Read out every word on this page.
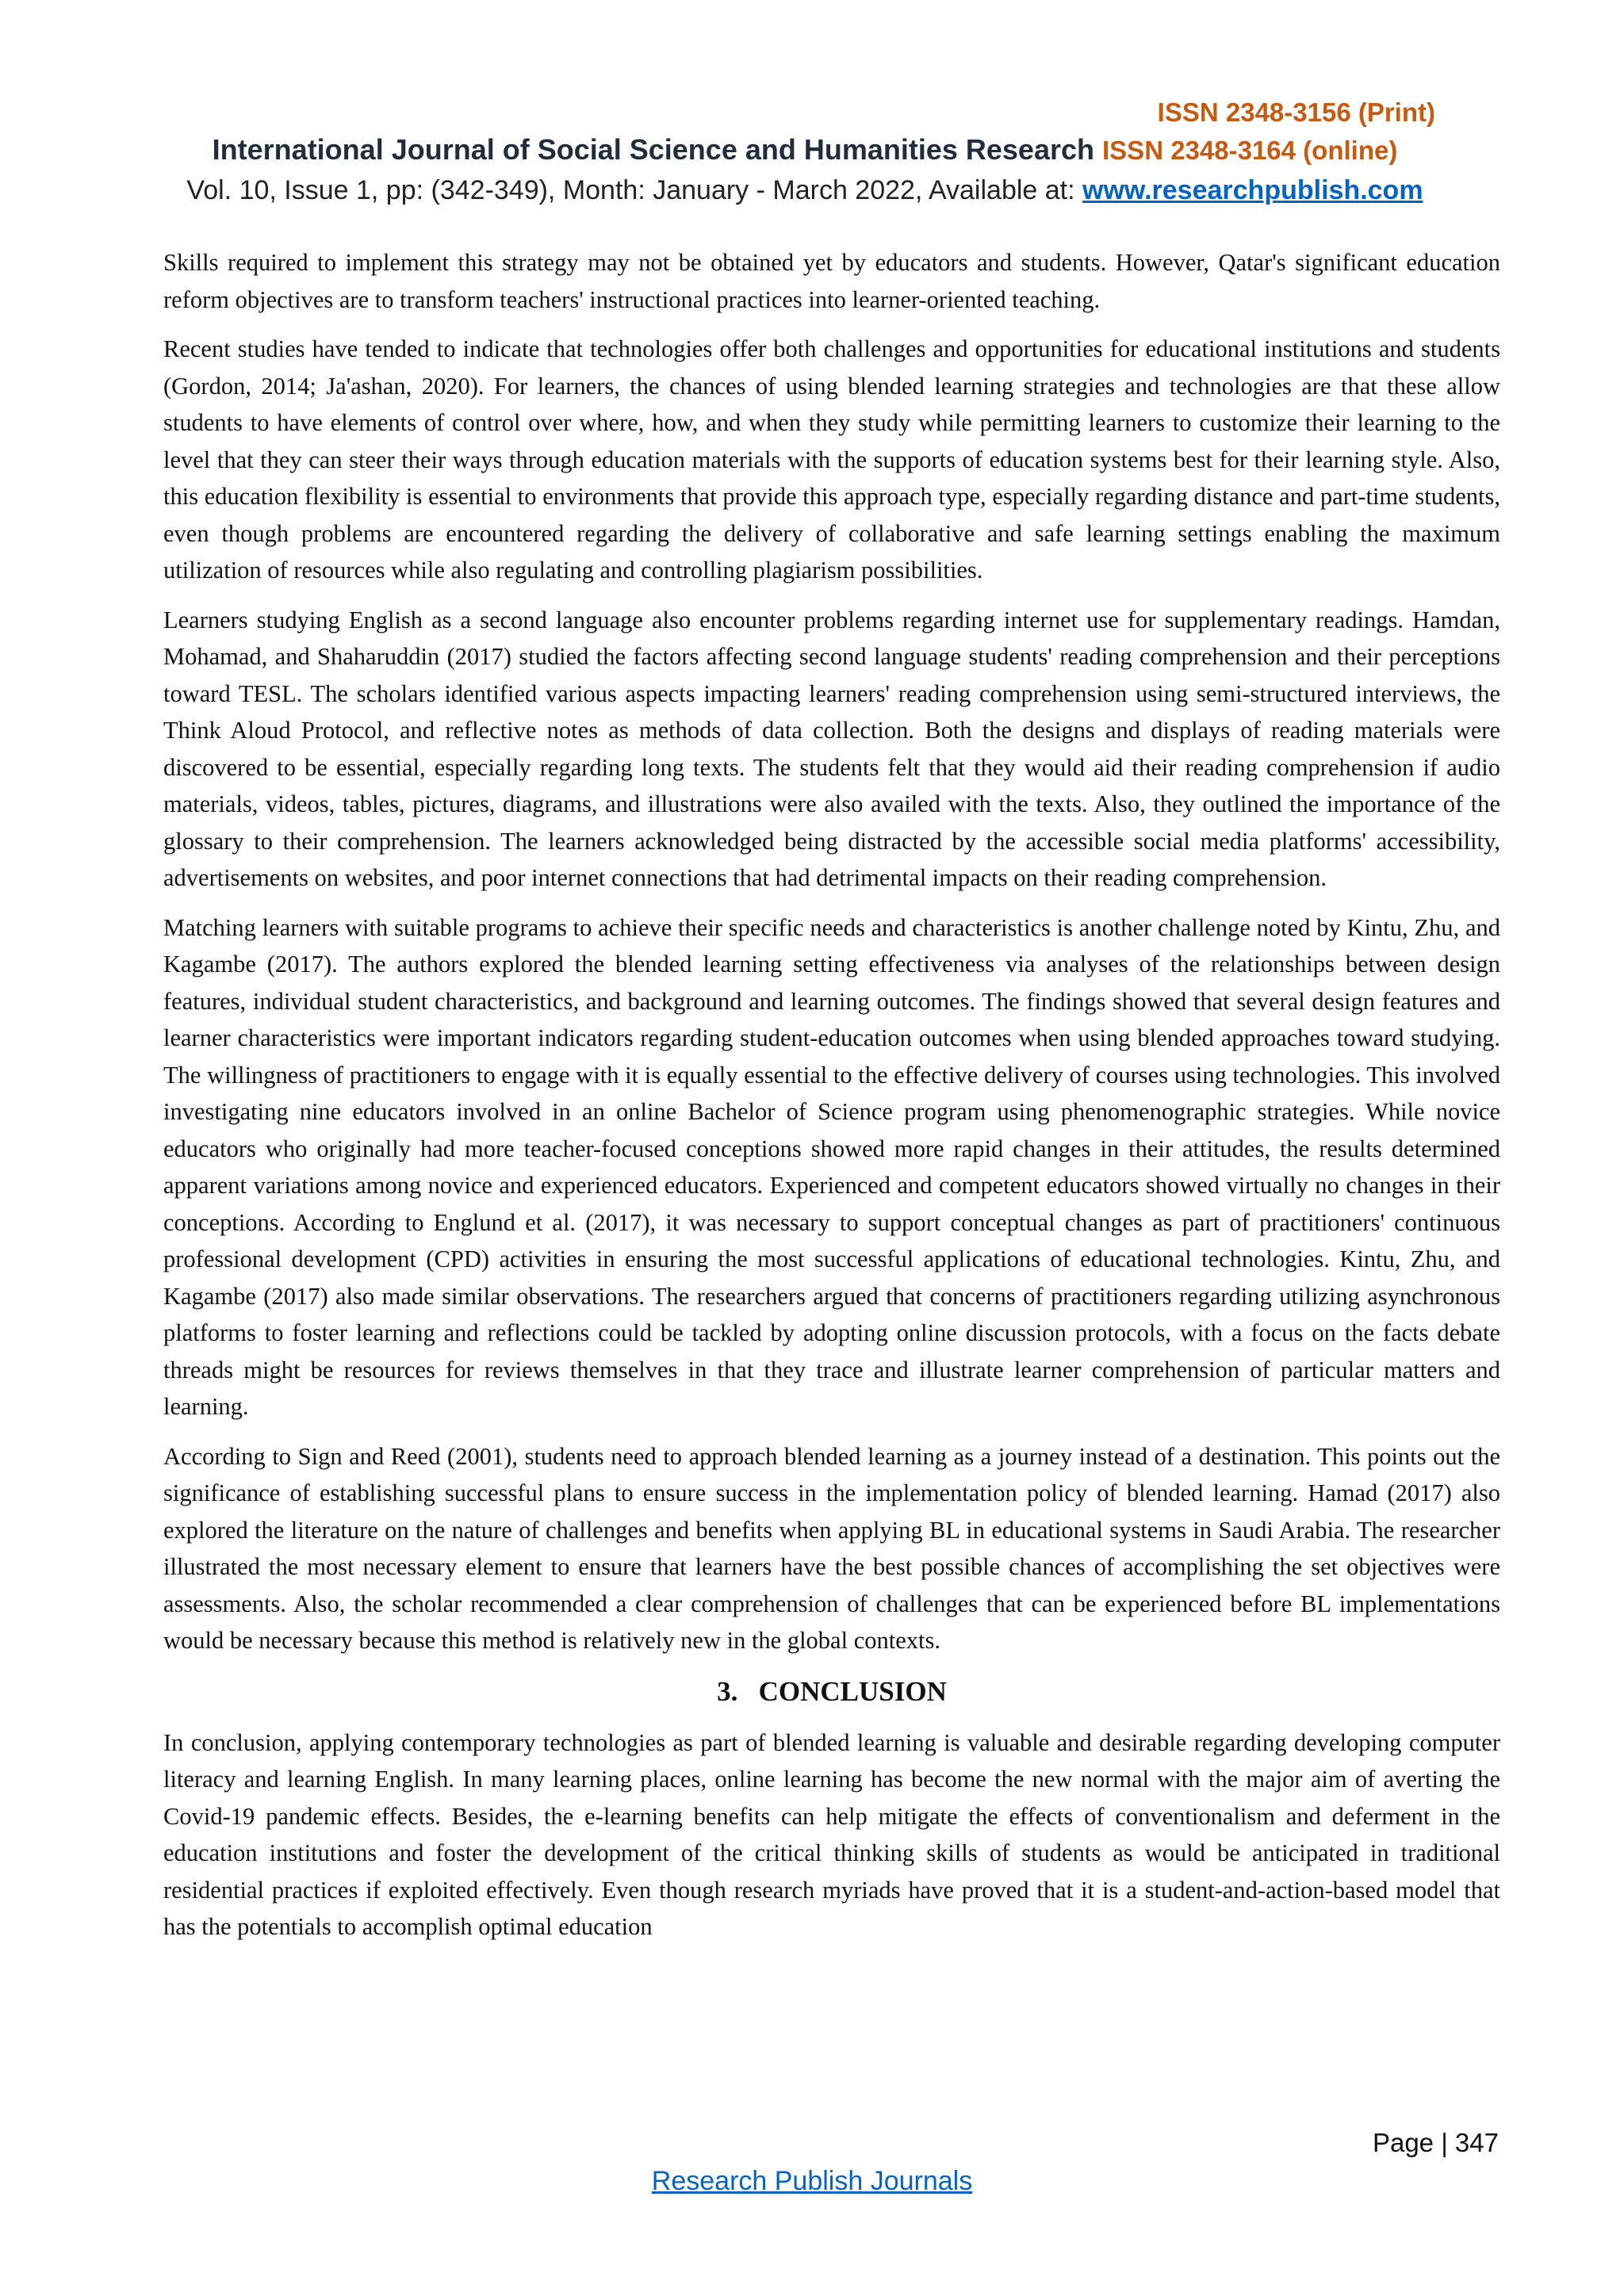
ISSN 2348-3156 (Print)
International Journal of Social Science and Humanities Research ISSN 2348-3164 (online)
Vol. 10, Issue 1, pp: (342-349), Month: January - March 2022, Available at: www.researchpublish.com

Skills required to implement this strategy may not be obtained yet by educators and students. However, Qatar's significant education reform objectives are to transform teachers' instructional practices into learner-oriented teaching.

Recent studies have tended to indicate that technologies offer both challenges and opportunities for educational institutions and students (Gordon, 2014; Ja'ashan, 2020). For learners, the chances of using blended learning strategies and technologies are that these allow students to have elements of control over where, how, and when they study while permitting learners to customize their learning to the level that they can steer their ways through education materials with the supports of education systems best for their learning style. Also, this education flexibility is essential to environments that provide this approach type, especially regarding distance and part-time students, even though problems are encountered regarding the delivery of collaborative and safe learning settings enabling the maximum utilization of resources while also regulating and controlling plagiarism possibilities.

Learners studying English as a second language also encounter problems regarding internet use for supplementary readings. Hamdan, Mohamad, and Shaharuddin (2017) studied the factors affecting second language students' reading comprehension and their perceptions toward TESL. The scholars identified various aspects impacting learners' reading comprehension using semi-structured interviews, the Think Aloud Protocol, and reflective notes as methods of data collection. Both the designs and displays of reading materials were discovered to be essential, especially regarding long texts. The students felt that they would aid their reading comprehension if audio materials, videos, tables, pictures, diagrams, and illustrations were also availed with the texts. Also, they outlined the importance of the glossary to their comprehension. The learners acknowledged being distracted by the accessible social media platforms' accessibility, advertisements on websites, and poor internet connections that had detrimental impacts on their reading comprehension.

Matching learners with suitable programs to achieve their specific needs and characteristics is another challenge noted by Kintu, Zhu, and Kagambe (2017). The authors explored the blended learning setting effectiveness via analyses of the relationships between design features, individual student characteristics, and background and learning outcomes. The findings showed that several design features and learner characteristics were important indicators regarding student-education outcomes when using blended approaches toward studying. The willingness of practitioners to engage with it is equally essential to the effective delivery of courses using technologies. This involved investigating nine educators involved in an online Bachelor of Science program using phenomenographic strategies. While novice educators who originally had more teacher-focused conceptions showed more rapid changes in their attitudes, the results determined apparent variations among novice and experienced educators. Experienced and competent educators showed virtually no changes in their conceptions. According to Englund et al. (2017), it was necessary to support conceptual changes as part of practitioners' continuous professional development (CPD) activities in ensuring the most successful applications of educational technologies. Kintu, Zhu, and Kagambe (2017) also made similar observations. The researchers argued that concerns of practitioners regarding utilizing asynchronous platforms to foster learning and reflections could be tackled by adopting online discussion protocols, with a focus on the facts debate threads might be resources for reviews themselves in that they trace and illustrate learner comprehension of particular matters and learning.

According to Sign and Reed (2001), students need to approach blended learning as a journey instead of a destination. This points out the significance of establishing successful plans to ensure success in the implementation policy of blended learning. Hamad (2017) also explored the literature on the nature of challenges and benefits when applying BL in educational systems in Saudi Arabia. The researcher illustrated the most necessary element to ensure that learners have the best possible chances of accomplishing the set objectives were assessments. Also, the scholar recommended a clear comprehension of challenges that can be experienced before BL implementations would be necessary because this method is relatively new in the global contexts.

3.   CONCLUSION

In conclusion, applying contemporary technologies as part of blended learning is valuable and desirable regarding developing computer literacy and learning English. In many learning places, online learning has become the new normal with the major aim of averting the Covid-19 pandemic effects. Besides, the e-learning benefits can help mitigate the effects of conventionalism and deferment in the education institutions and foster the development of the critical thinking skills of students as would be anticipated in traditional residential practices if exploited effectively. Even though research myriads have proved that it is a student-and-action-based model that has the potentials to accomplish optimal education

Page | 347
Research Publish Journals
